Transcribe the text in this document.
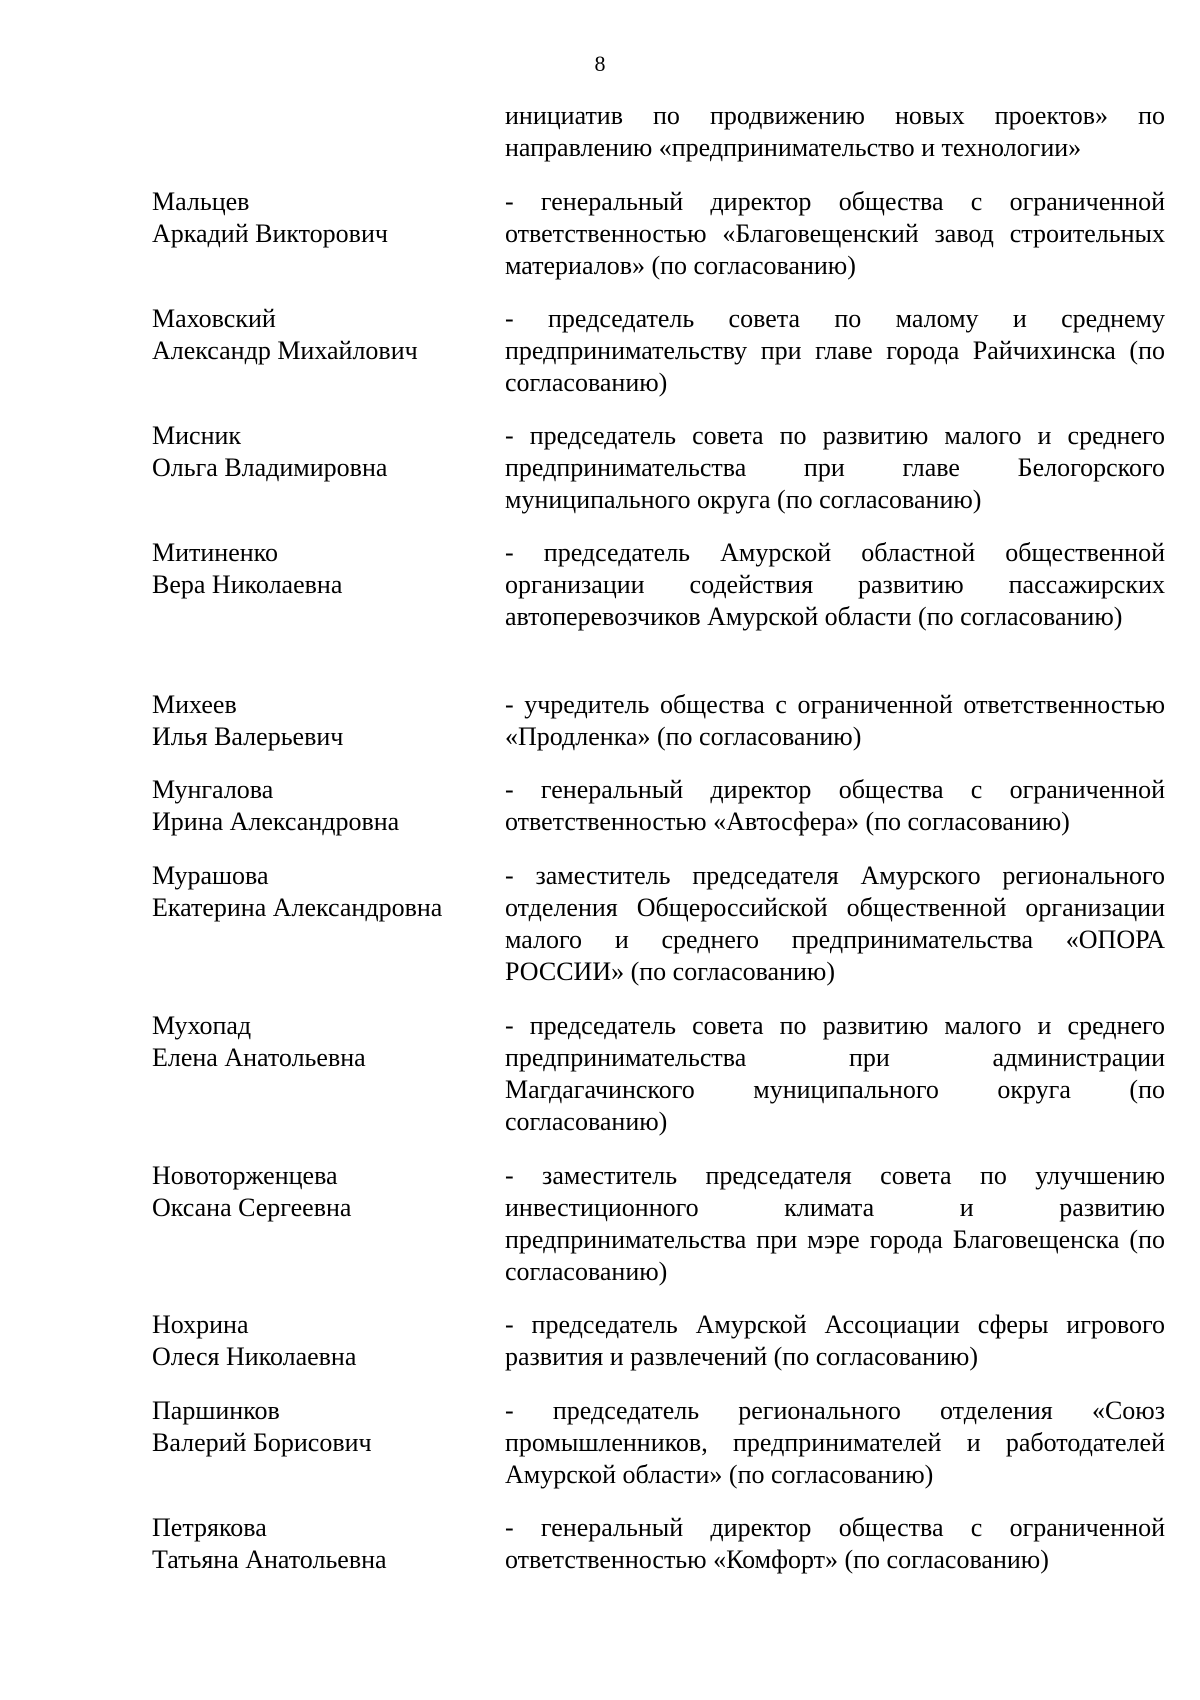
8
инициатив по продвижению новых проектов» по направлению «предпринимательство и технологии»
Мальцев
Аркадий Викторович
- генеральный директор общества с ограниченной ответственностью «Благовещенский завод строительных материалов» (по согласованию)
Маховский
Александр Михайлович
- председатель совета по малому и среднему предпринимательству при главе города Райчихинска (по согласованию)
Мисник
Ольга Владимировна
- председатель совета по развитию малого и среднего предпринимательства при главе Белогорского муниципального округа (по согласованию)
Митиненко
Вера Николаевна
- председатель Амурской областной общественной организации содействия развитию пассажирских автоперевозчиков Амурской области (по согласованию)
Михеев
Илья Валерьевич
- учредитель общества с ограниченной ответственностью «Продленка» (по согласованию)
Мунгалова
Ирина Александровна
- генеральный директор общества с ограниченной ответственностью «Автосфера» (по согласованию)
Мурашова
Екатерина Александровна
- заместитель председателя Амурского регионального отделения Общероссийской общественной организации малого и среднего предпринимательства «ОПОРА РОССИИ» (по согласованию)
Мухопад
Елена Анатольевна
- председатель совета по развитию малого и среднего предпринимательства при администрации Магдагачинского муниципального округа (по согласованию)
Новоторженцева
Оксана Сергеевна
- заместитель председателя совета по улучшению инвестиционного климата и развитию предпринимательства при мэре города Благовещенска (по согласованию)
Нохрина
Олеся Николаевна
- председатель Амурской Ассоциации сферы игрового развития и развлечений (по согласованию)
Паршинков
Валерий Борисович
- председатель регионального отделения «Союз промышленников, предпринимателей и работодателей Амурской области» (по согласованию)
Петрякова
Татьяна Анатольевна
- генеральный директор общества с ограниченной ответственностью «Комфорт» (по согласованию)
